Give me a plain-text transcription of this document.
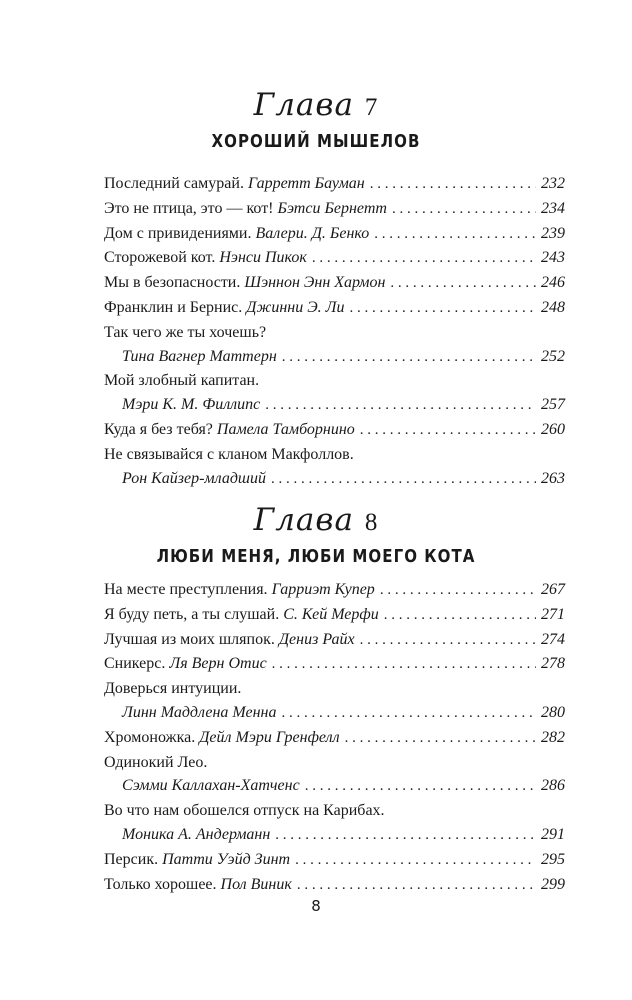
Глава 7
ХОРОШИЙ МЫШЕЛОВ
Последний самурай. Гарретт Бауман . . .	232
Это не птица, это — кот! Бэтси Бернетт . . .	234
Дом с привидениями. Валери. Д. Бенко . . .	239
Сторожевой кот. Нэнси Пикок . . .	243
Мы в безопасности. Шэннон Энн Хармон . . .	246
Франклин и Бернис. Джинни Э. Ли . . .	248
Так чего же ты хочешь?
Тина Вагнер Маттерн . . .	252
Мой злобный капитан.
Мэри К. М. Филлипс . . .	257
Куда я без тебя? Памела Тамборнино . . .	260
Не связывайся с кланом Макфоллов.
Рон Кайзер-младший . . .	263
Глава 8
ЛЮБИ МЕНЯ, ЛЮБИ МОЕГО КОТА
На месте преступления. Гарриэт Купер . . .	267
Я буду петь, а ты слушай. С. Кей Мерфи . . .	271
Лучшая из моих шляпок. Дениз Райх . . .	274
Сникерс. Ля Верн Отис . . .	278
Доверься интуиции.
Линн Маддлена Менна . . .	280
Хромоножка. Дейл Мэри Гренфелл . . .	282
Одинокий Лео.
Сэмми Каллахан-Хатченс . . .	286
Во что нам обошелся отпуск на Карибах.
Моника А. Андерманн . . .	291
Персик. Патти Уэйд Зинт . . .	295
Только хорошее. Пол Виник . . .	299
8
